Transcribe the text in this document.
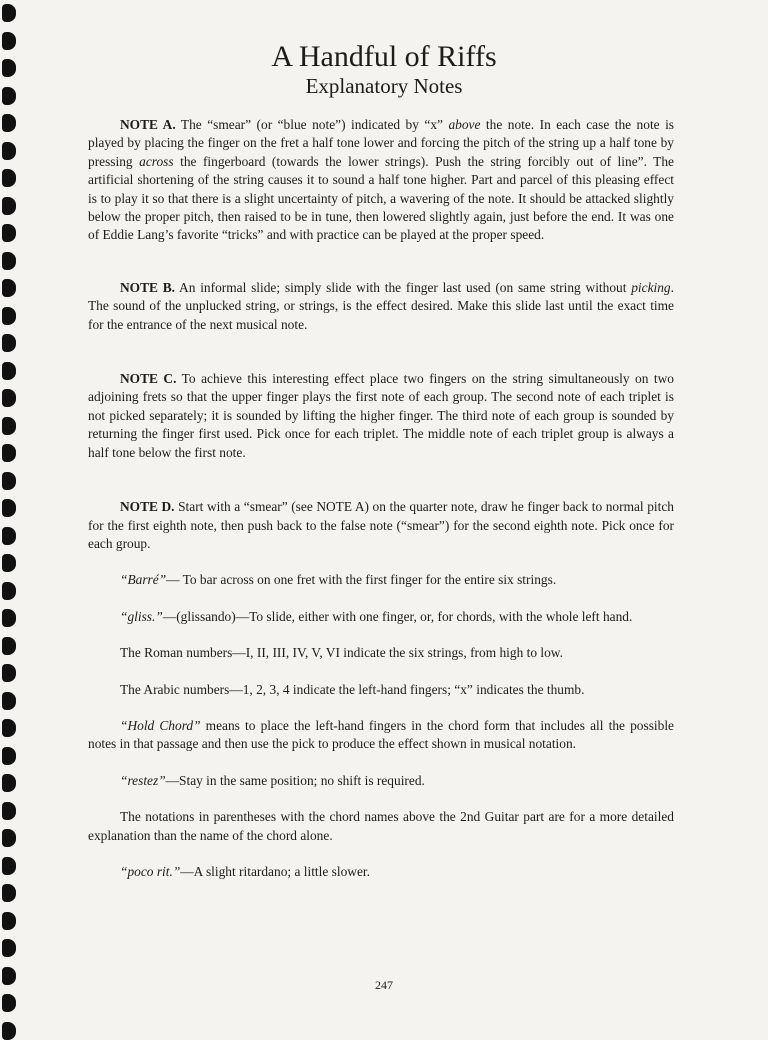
A Handful of Riffs
Explanatory Notes

NOTE A. The “smear” (or “blue note”) indicated by “x” above the note. In each case the note is played by placing the finger on the fret a half tone lower and forcing the pitch of the string up a half tone by pressing across the fingerboard (towards the lower strings). Push the string forcibly out of line”. The artificial shortening of the string causes it to sound a half tone higher. Part and parcel of this pleasing effect is to play it so that there is a slight uncertainty of pitch, a wavering of the note. It should be attacked slightly below the proper pitch, then raised to be in tune, then lowered slightly again, just before the end. It was one of Eddie Lang’s favorite “tricks” and with practice can be played at the proper speed.

NOTE B. An informal slide; simply slide with the finger last used (on same string without picking. The sound of the unplucked string, or strings, is the effect desired. Make this slide last until the exact time for the entrance of the next musical note.

NOTE C. To achieve this interesting effect place two fingers on the string simultaneously on two adjoining frets so that the upper finger plays the first note of each group. The second note of each triplet is not picked separately; it is sounded by lifting the higher finger. The third note of each group is sounded by returning the finger first used. Pick once for each triplet. The middle note of each triplet group is always a half tone below the first note.

NOTE D. Start with a “smear” (see NOTE A) on the quarter note, draw he finger back to normal pitch for the first eighth note, then push back to the false note (“smear”) for the second eighth note. Pick once for each group.

“Barré”— To bar across on one fret with the first finger for the entire six strings.

“gliss.”—(glissando)—To slide, either with one finger, or, for chords, with the whole left hand.

The Roman numbers—I, II, III, IV, V, VI indicate the six strings, from high to low.

The Arabic numbers—1, 2, 3, 4 indicate the left-hand fingers; “x” indicates the thumb.

“Hold Chord” means to place the left-hand fingers in the chord form that includes all the possible notes in that passage and then use the pick to produce the effect shown in musical notation.

“restez”—Stay in the same position; no shift is required.

The notations in parentheses with the chord names above the 2nd Guitar part are for a more detailed explanation than the name of the chord alone.

“poco rit.”—A slight ritardano; a little slower.

247
